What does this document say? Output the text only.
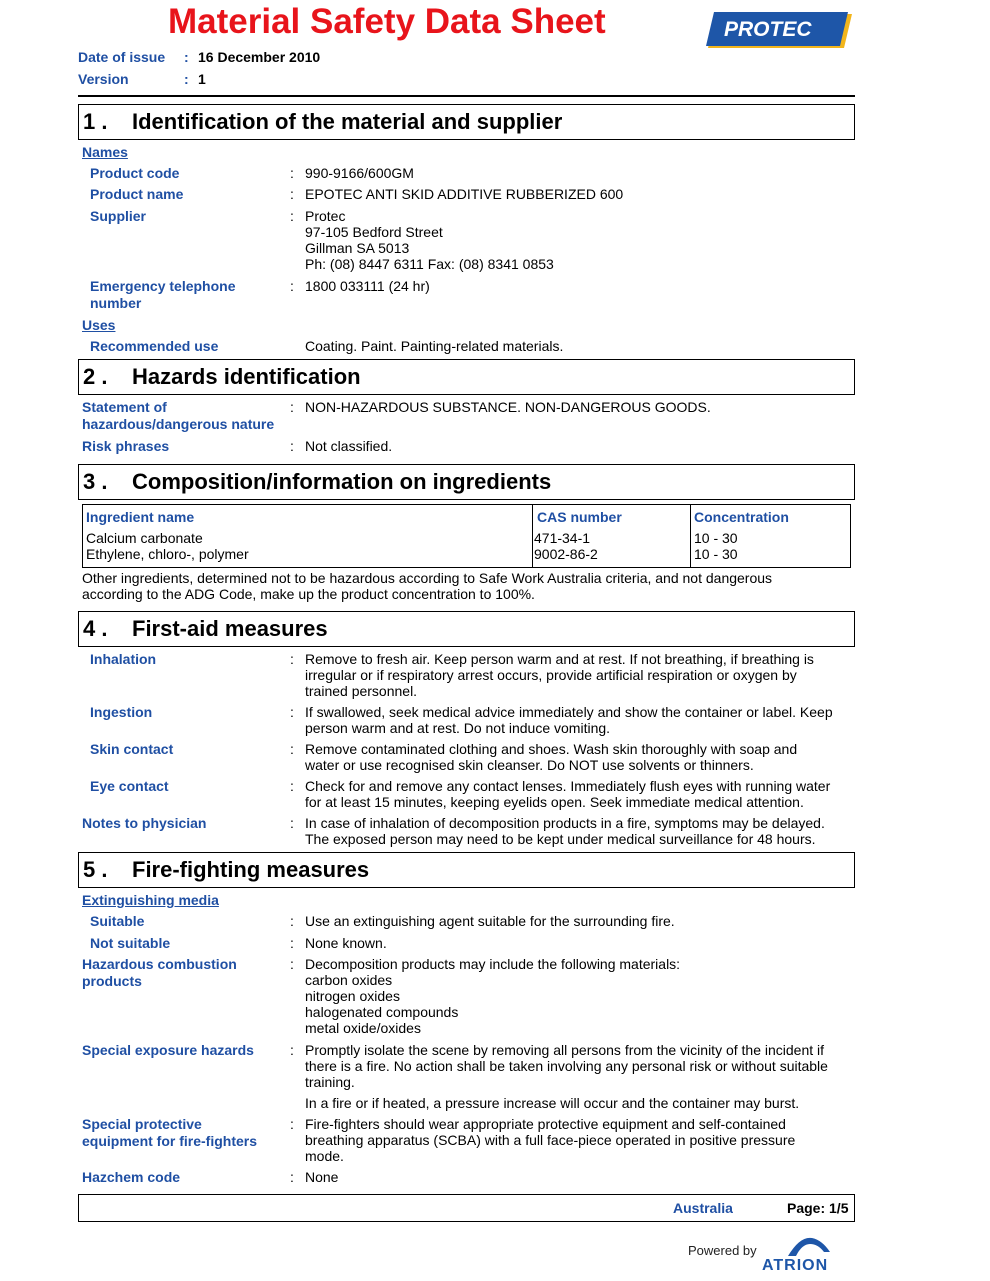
Material Safety Data Sheet	PROTEC
Date of issue : 16 December 2010
Version	: 1
1 . Identification of the material and supplier
Names
Product code	: 990-9166/600GM
Product name	: EPOTEC ANTI SKID ADDITIVE RUBBERIZED 600
Supplier	: Protec
97-105 Bedford Street
Gillman SA 5013
Ph: (08) 8447 6311 Fax: (08) 8341 0853
Emergency telephone
number
: 1800 033111 (24 hr)
Uses
Recommended use	Coating. Paint. Painting-related materials.
2 . Hazards identification
Statement of
hazardous/dangerous nature
: NON-HAZARDOUS SUBSTANCE. NON-DANGEROUS GOODS.
Risk phrases	: Not classified.
3 . Composition/information on ingredients
Ingredient name	CAS number	Concentration
Calcium carbonate	471-34-1	10 - 30
Ethylene, chloro-, polymer	9002-86-2	10 - 30
Other ingredients, determined not to be hazardous according to Safe Work Australia criteria, and not dangerous
according to the ADG Code, make up the product concentration to 100%.
4 . First-aid measures
Inhalation	: Remove to fresh air. Keep person warm and at rest. If not breathing, if breathing is
irregular or if respiratory arrest occurs, provide artificial respiration or oxygen by
trained personnel.
Ingestion	: If swallowed, seek medical advice immediately and show the container or label. Keep
person warm and at rest. Do not induce vomiting.
Skin contact	: Remove contaminated clothing and shoes. Wash skin thoroughly with soap and
water or use recognised skin cleanser. Do NOT use solvents or thinners.
Eye contact	: Check for and remove any contact lenses. Immediately flush eyes with running water
for at least 15 minutes, keeping eyelids open. Seek immediate medical attention.
Notes to physician	: In case of inhalation of decomposition products in a fire, symptoms may be delayed.
The exposed person may need to be kept under medical surveillance for 48 hours.
5 . Fire-fighting measures
Extinguishing media
Suitable	: Use an extinguishing agent suitable for the surrounding fire.
Not suitable	: None known.
Hazardous combustion
products
: Decomposition products may include the following materials:
carbon oxides
nitrogen oxides
halogenated compounds
metal oxide/oxides
Special exposure hazards	: Promptly isolate the scene by removing all persons from the vicinity of the incident if
there is a fire. No action shall be taken involving any personal risk or without suitable
training.
In a fire or if heated, a pressure increase will occur and the container may burst.
Special protective
equipment for fire-fighters
: Fire-fighters should wear appropriate protective equipment and self-contained
breathing apparatus (SCBA) with a full face-piece operated in positive pressure
mode.
Hazchem code	: None
Australia	Page: 1/5
Powered by
ATRION
